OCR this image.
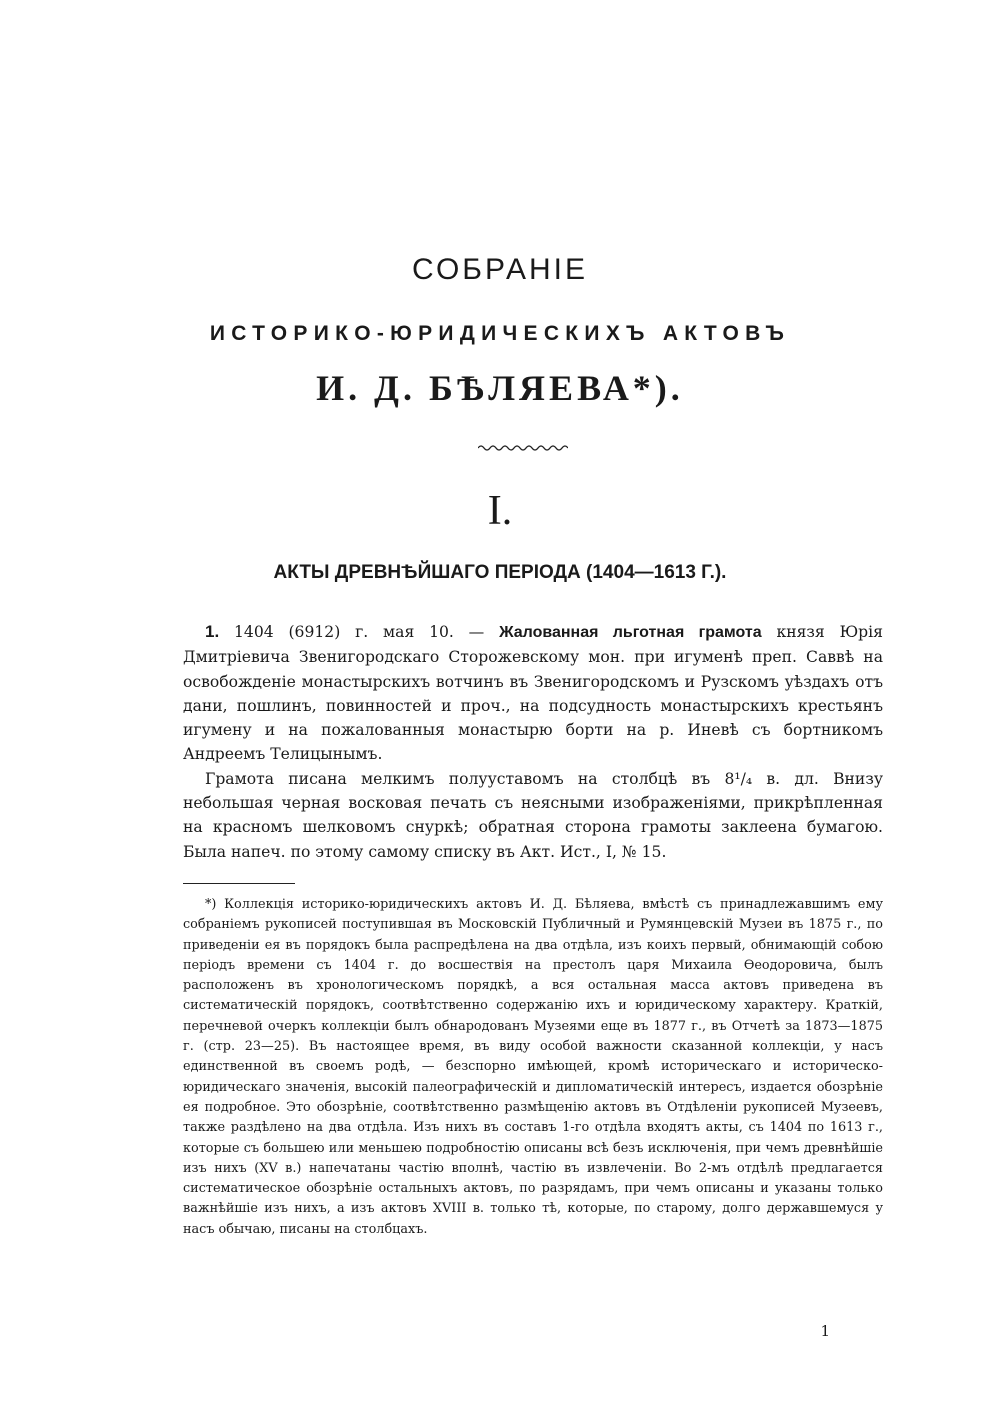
СОБРАНІЕ
ИСТОРИКО-ЮРИДИЧЕСКИХЪ АКТОВЪ
И. Д. БѢЛЯЕВА*).
I.
АКТЫ ДРЕВНѢЙШАГО ПЕРІОДА (1404—1613 Г.).

1. 1404 (6912) г. мая 10. — Жалованная льготная грамота князя Юрія Дмитріевича Звенигородскаго Сторожевскому мон. при игуменѣ преп. Саввѣ на освобожденіе монастырскихъ вотчинъ въ Звенигородскомъ и Рузскомъ уѣздахъ отъ дани, пошлинъ, повинностей и проч., на подсудность монастырскихъ крестьянъ игумену и на пожалованныя монастырю борти на р. Иневѣ съ бортникомъ Андреемъ Телицынымъ.

Грамота писана мелкимъ полууставомъ на столбцѣ въ 8¹/₄ в. дл. Внизу небольшая черная восковая печать съ неясными изображеніями, прикрѣпленная на красномъ шелковомъ снуркѣ; обратная сторона грамоты заклеена бумагою. Была напеч. по этому самому списку въ Акт. Ист., I, № 15.

*) Коллекція историко-юридическихъ актовъ И. Д. Бѣляева, вмѣстѣ съ принадлежавшимъ ему собраніемъ рукописей поступившая въ Московскій Публичный и Румянцевскій Музеи въ 1875 г., по приведеніи ея въ порядокъ была распредѣлена на два отдѣла, изъ коихъ первый, обнимающій собою періодъ времени съ 1404 г. до восшествія на престолъ царя Михаила Ѳеодоровича, былъ расположенъ въ хронологическомъ порядкѣ, а вся остальная масса актовъ приведена въ систематическій порядокъ, соотвѣтственно содержанію ихъ и юридическому характеру. Краткій, перечневой очеркъ коллекціи былъ обнародованъ Музеями еще въ 1877 г., въ Отчетѣ за 1873—1875 г. (стр. 23—25). Въ настоящее время, въ виду особой важности сказанной коллекціи, у насъ единственной въ своемъ родѣ, — безспорно имѣющей, кромѣ историческаго и историческо-юридическаго значенія, высокій палеографическій и дипломатическій интересъ, издается обозрѣніе ея подробное. Это обозрѣніе, соотвѣтственно размѣщенію актовъ въ Отдѣленіи рукописей Музеевъ, также раздѣлено на два отдѣла. Изъ нихъ въ составъ 1-го отдѣла входятъ акты, съ 1404 по 1613 г., которые съ большею или меньшею подробностію описаны всѣ безъ исключенія, при чемъ древнѣйшіе изъ нихъ (XV в.) напечатаны частію вполнѣ, частію въ извлеченіи. Во 2-мъ отдѣлѣ предлагается систематическое обозрѣніе остальныхъ актовъ, по разрядамъ, при чемъ описаны и указаны только важнѣйшіе изъ нихъ, а изъ актовъ XVIII в. только тѣ, которые, по старому, долго державшемуся у насъ обычаю, писаны на столбцахъ.

1
